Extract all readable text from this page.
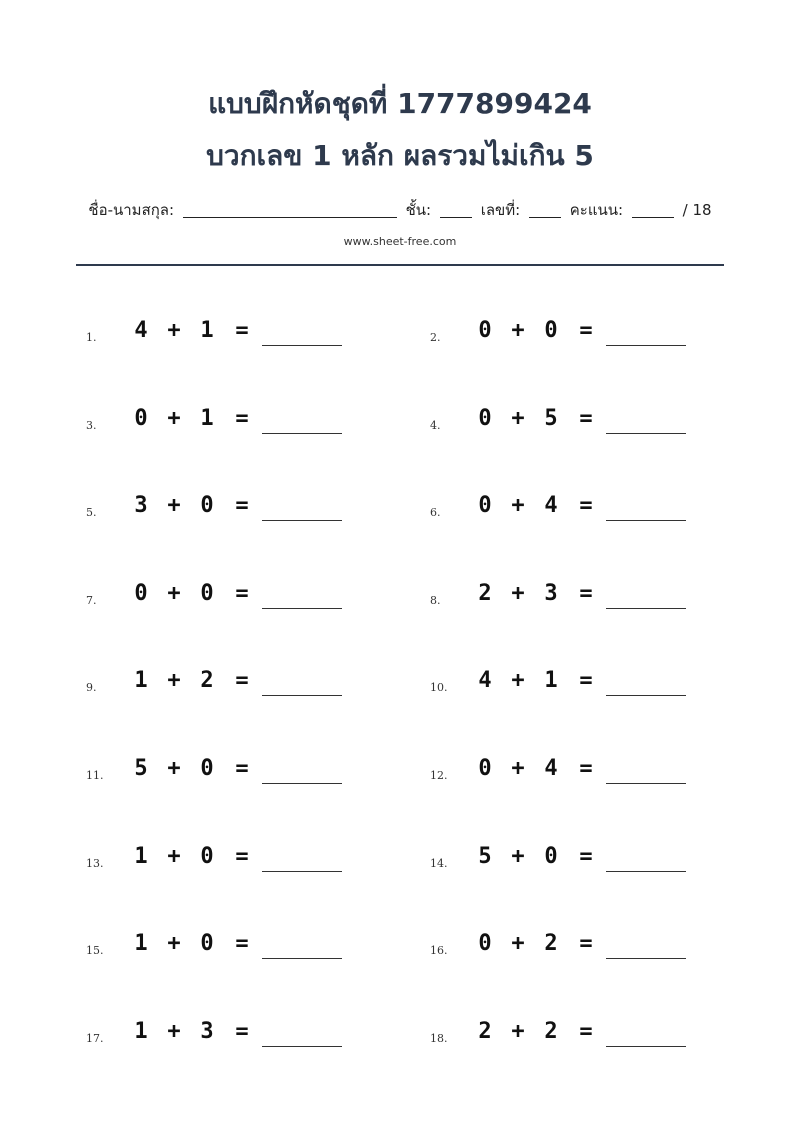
แบบฝึกหัดชุดที่ 1777899424
บวกเลข 1 หลัก ผลรวมไม่เกิน 5
ชื่อ-นามสกุล:	ชั้น:	เลขที่:	คะแนน:	/ 18
www.sheet-free.com
1. 4 + 1 =	2. 0 + 0 =
3. 0 + 1 =	4. 0 + 5 =
5. 3 + 0 =	6. 0 + 4 =
7. 0 + 0 =	8. 2 + 3 =
9. 1 + 2 =	10. 4 + 1 =
11. 5 + 0 =	12. 0 + 4 =
13. 1 + 0 =	14. 5 + 0 =
15. 1 + 0 =	16. 0 + 2 =
17. 1 + 3 =	18. 2 + 2 =
